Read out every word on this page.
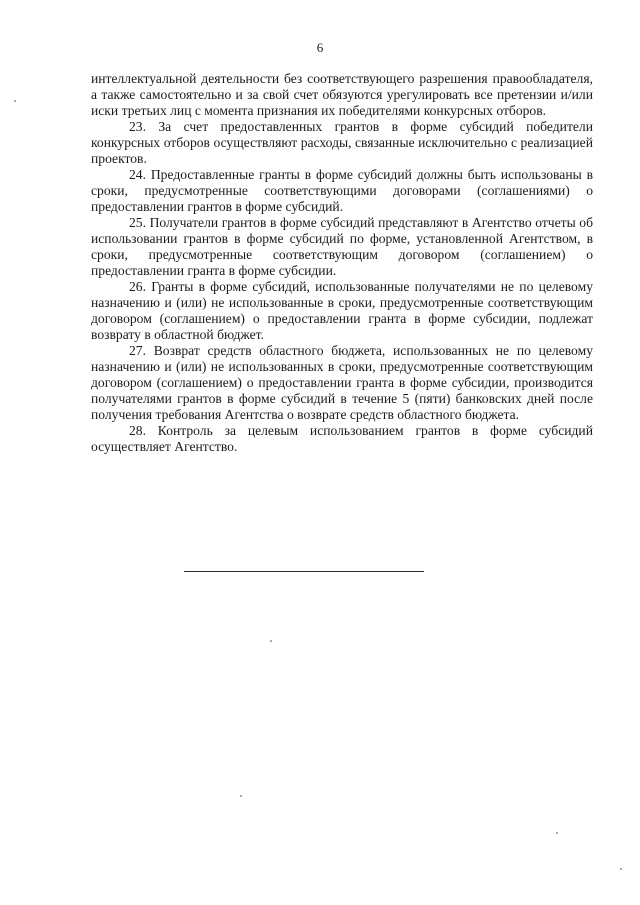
6

интеллектуальной деятельности без соответствующего разрешения правообладателя, а также самостоятельно и за свой счет обязуются урегулировать все претензии и/или иски третьих лиц с момента признания их победителями конкурсных отборов.

23. За счет предоставленных грантов в форме субсидий победители конкурсных отборов осуществляют расходы, связанные исключительно с реализацией проектов.

24. Предоставленные гранты в форме субсидий должны быть использованы в сроки, предусмотренные соответствующими договорами (соглашениями) о предоставлении грантов в форме субсидий.

25. Получатели грантов в форме субсидий представляют в Агентство отчеты об использовании грантов в форме субсидий по форме, установленной Агентством, в сроки, предусмотренные соответствующим договором (соглашением) о предоставлении гранта в форме субсидии.

26. Гранты в форме субсидий, использованные получателями не по целевому назначению и (или) не использованные в сроки, предусмотренные соответствующим договором (соглашением) о предоставлении гранта в форме субсидии, подлежат возврату в областной бюджет.

27. Возврат средств областного бюджета, использованных не по целевому назначению и (или) не использованных в сроки, предусмотренные соответствующим договором (соглашением) о предоставлении гранта в форме субсидии, производится получателями грантов в форме субсидий в течение 5 (пяти) банковских дней после получения требования Агентства о возврате средств областного бюджета.

28. Контроль за целевым использованием грантов в форме субсидий осуществляет Агентство.
